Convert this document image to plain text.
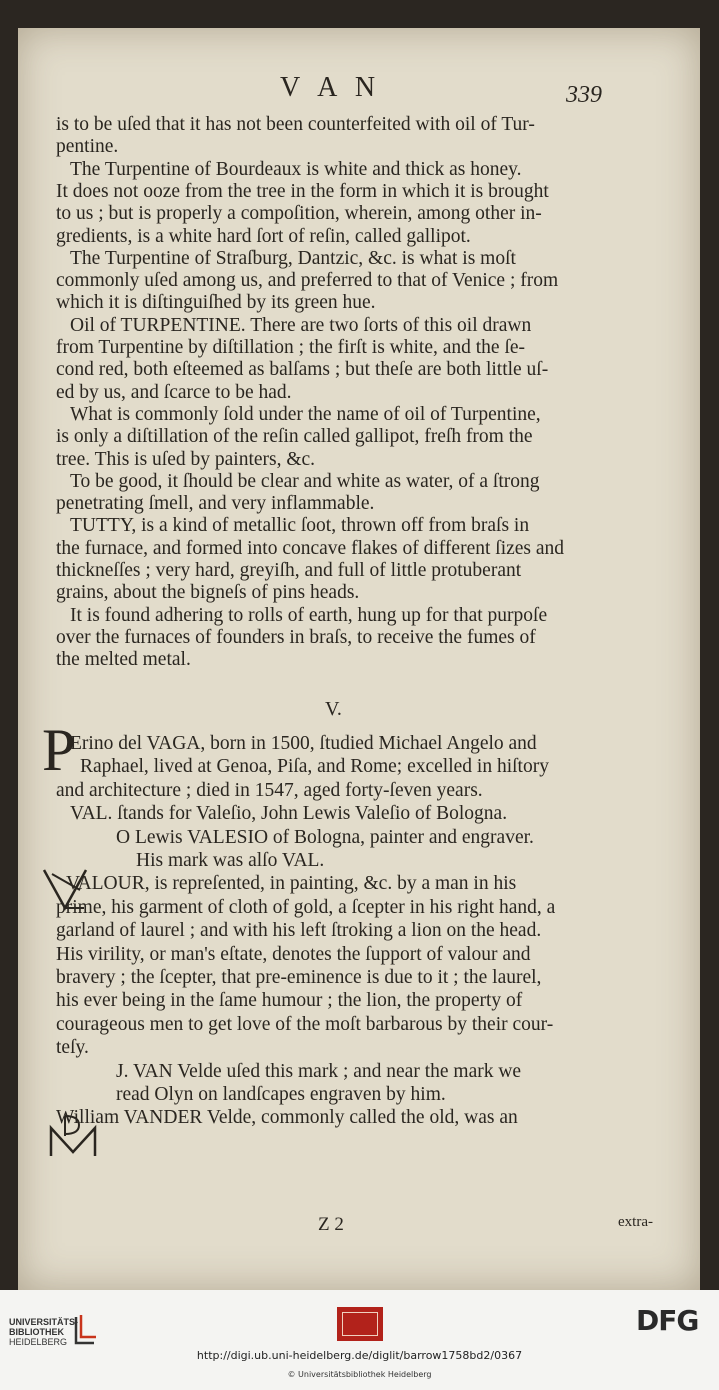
V A N	339
is to be uſed that it has not been counterfeited with oil of Tur-
pentine.
The Turpentine of Bourdeaux is white and thick as honey.
It does not ooze from the tree in the form in which it is brought
to us ; but is properly a compoſition, wherein, among other in-
gredients, is a white hard ſort of reſin, called gallipot.
The Turpentine of Straſburg, Dantzic, &c. is what is moſt
commonly uſed among us, and preferred to that of Venice ; from
which it is diſtinguiſhed by its green hue.
Oil of TURPENTINE. There are two ſorts of this oil drawn
from Turpentine by diſtillation ; the firſt is white, and the ſe-
cond red, both eſteemed as balſams ; but theſe are both little uſ-
ed by us, and ſcarce to be had.
What is commonly ſold under the name of oil of Turpentine,
is only a diſtillation of the reſin called gallipot, freſh from the
tree. This is uſed by painters, &c.
To be good, it ſhould be clear and white as water, of a ſtrong
penetrating ſmell, and very inflammable.
TUTTY, is a kind of metallic ſoot, thrown off from braſs in
the furnace, and formed into concave flakes of different ſizes and
thickneſſes ; very hard, greyiſh, and full of little protuberant
grains, about the bigneſs of pins heads.
It is found adhering to rolls of earth, hung up for that purpoſe
over the furnaces of founders in braſs, to receive the fumes of
the melted metal.
V.
P
Erino del VAGA, born in 1500, ſtudied Michael Angelo and
Raphael, lived at Genoa, Piſa, and Rome; excelled in hiſtory
and architecture ; died in 1547, aged forty-ſeven years.
VAL. ſtands for Valeſio, John Lewis Valeſio of Bologna.
O Lewis VALESIO of Bologna, painter and engraver.
His mark was alſo VAL.
VALOUR, is repreſented, in painting, &c. by a man in his
prime, his garment of cloth of gold, a ſcepter in his right hand, a
garland of laurel ; and with his left ſtroking a lion on the head.
His virility, or man's eſtate, denotes the ſupport of valour and
bravery ; the ſcepter, that pre-eminence is due to it ; the laurel,
his ever being in the ſame humour ; the lion, the property of
courageous men to get love of the moſt barbarous by their cour-
teſy.
J. VAN Velde uſed this mark ; and near the mark we
read Olyn on landſcapes engraven by him.
William VANDER Velde, commonly called the old, was an
Z 2	extra-
UNIVERSITÄTS-
BIBLIOTHEK
HEIDELBERG
DFG
http://digi.ub.uni-heidelberg.de/diglit/barrow1758bd2/0367
© Universitätsbibliothek Heidelberg
